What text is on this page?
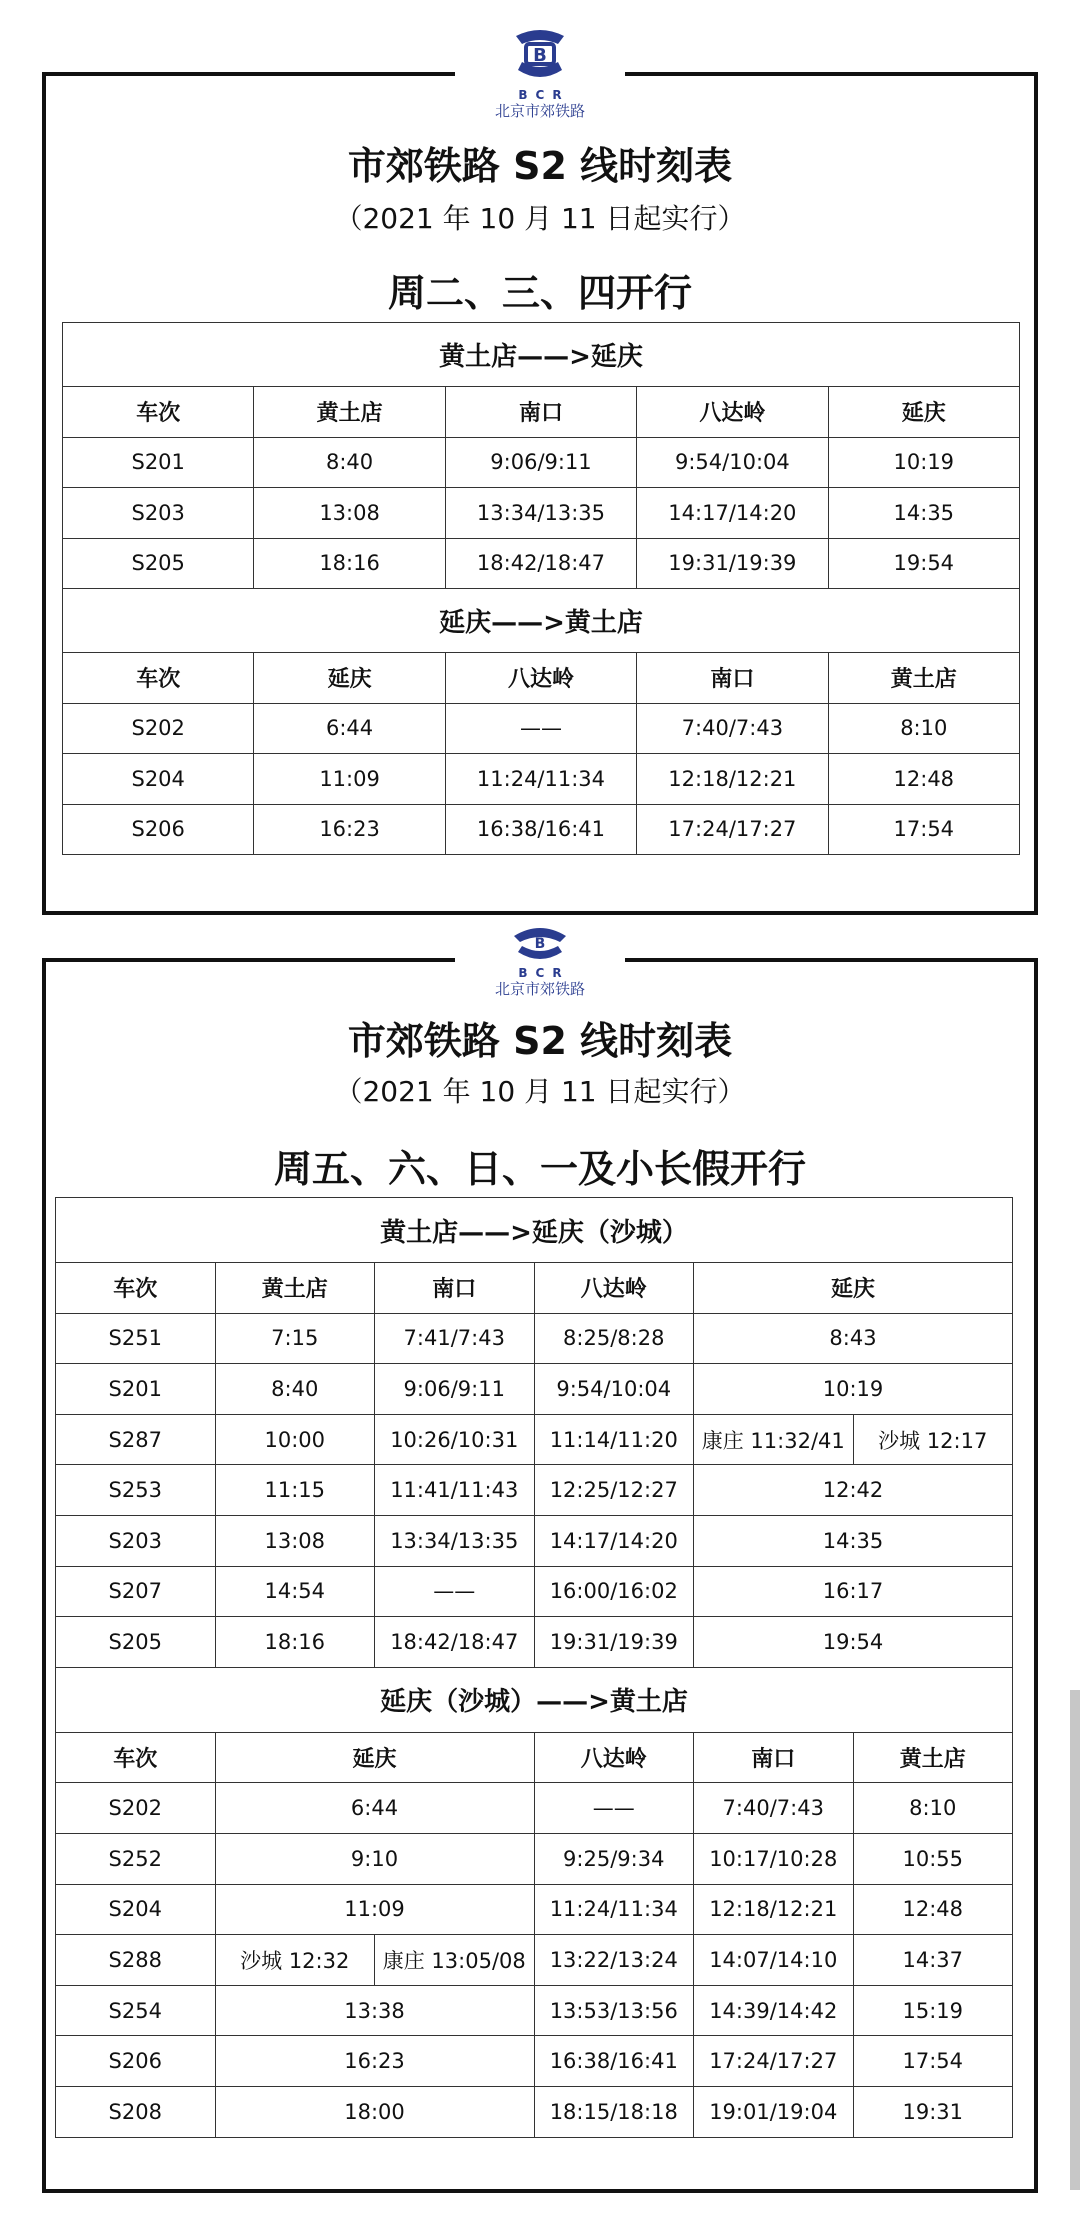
B
BCR
北京市郊铁路
市郊铁路 S2 线时刻表
（2021 年 10 月 11 日起实行）
周二、三、四开行
黄土店——>延庆				
车次	黄土店	南口	八达岭	延庆
S201	8:40	9:06/9:11	9:54/10:04	10:19
S203	13:08	13:34/13:35	14:17/14:20	14:35
S205	18:16	18:42/18:47	19:31/19:39	19:54
延庆——>黄土店				
车次	延庆	八达岭	南口	黄土店
S202	6:44	——	7:40/7:43	8:10
S204	11:09	11:24/11:34	12:18/12:21	12:48
S206	16:23	16:38/16:41	17:24/17:27	17:54
B
BCR
北京市郊铁路
市郊铁路 S2 线时刻表
（2021 年 10 月 11 日起实行）
周五、六、日、一及小长假开行
黄土店——>延庆（沙城）					
车次	黄土店	南口	八达岭	延庆	
S251	7:15	7:41/7:43	8:25/8:28	8:43	
S201	8:40	9:06/9:11	9:54/10:04	10:19	
S287	10:00	10:26/10:31	11:14/11:20	康庄 11:32/41	沙城 12:17
S253	11:15	11:41/11:43	12:25/12:27	12:42	
S203	13:08	13:34/13:35	14:17/14:20	14:35	
S207	14:54	——	16:00/16:02	16:17	
S205	18:16	18:42/18:47	19:31/19:39	19:54	
延庆（沙城）——>黄土店					
车次	延庆		八达岭	南口	黄土店
S202	6:44		——	7:40/7:43	8:10
S252	9:10		9:25/9:34	10:17/10:28	10:55
S204	11:09		11:24/11:34	12:18/12:21	12:48
S288	沙城 12:32	康庄 13:05/08	13:22/13:24	14:07/14:10	14:37
S254	13:38		13:53/13:56	14:39/14:42	15:19
S206	16:23		16:38/16:41	17:24/17:27	17:54
S208	18:00		18:15/18:18	19:01/19:04	19:31
